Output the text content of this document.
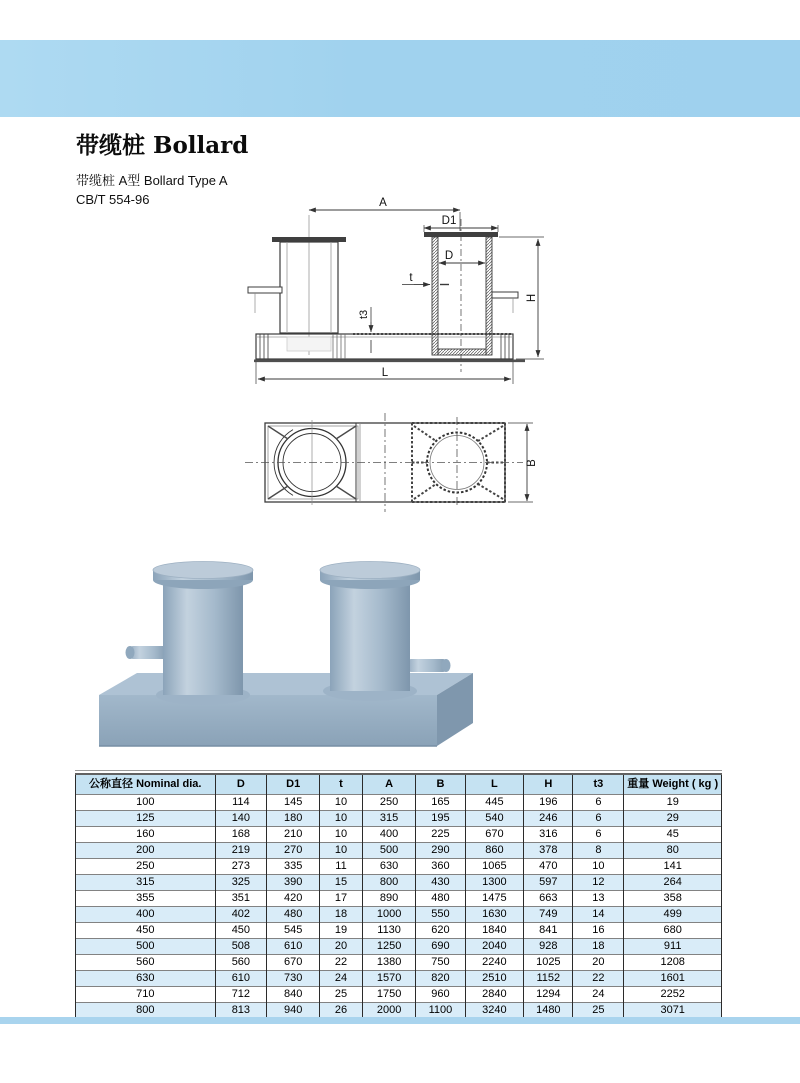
带缆桩 Bollard
带缆桩 A型 Bollard Type A
CB/T 554-96	A
D1
D
t
t3
H
L
B
公称直径 Nominal dia.	D	D1	t	A	B	L	H	t3	重量 Weight ( kg )
100	114	145	10	250	165	445	196	6	19
125	140	180	10	315	195	540	246	6	29
160	168	210	10	400	225	670	316	6	45
200	219	270	10	500	290	860	378	8	80
250	273	335	11	630	360	1065	470	10	141
315	325	390	15	800	430	1300	597	12	264
355	351	420	17	890	480	1475	663	13	358
400	402	480	18	1000	550	1630	749	14	499
450	450	545	19	1130	620	1840	841	16	680
500	508	610	20	1250	690	2040	928	18	911
560	560	670	22	1380	750	2240	1025	20	1208
630	610	730	24	1570	820	2510	1152	22	1601
710	712	840	25	1750	960	2840	1294	24	2252
800	813	940	26	2000	1100	3240	1480	25	3071
